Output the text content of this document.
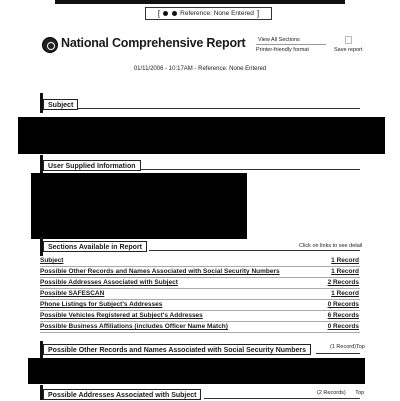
[	Reference: None Entered ]
National Comprehensive Report View All Sections
Printer-friendly format	Save report
01/11/2006 - 10:17AM - Reference: None Entered
Subject
User Supplied Information
Sections Available in Report	Click on links to see detail
Subject	1 Record
Possible Other Records and Names Associated with Social Security Numbers	1 Record
Possible Addresses Associated with Subject	2 Records
Possible SAFESCAN	1 Record
Phone Listings for Subject's Addresses	0 Records
Possible Vehicles Registered at Subject's Addresses	6 Records
Possible Business Affiliations (includes Officer Name Match)	0 Records
Possible Other Records and Names Associated with Social Security Numbers	(1 Record)Top
Possible Addresses Associated with Subject	(2 Records) Top
